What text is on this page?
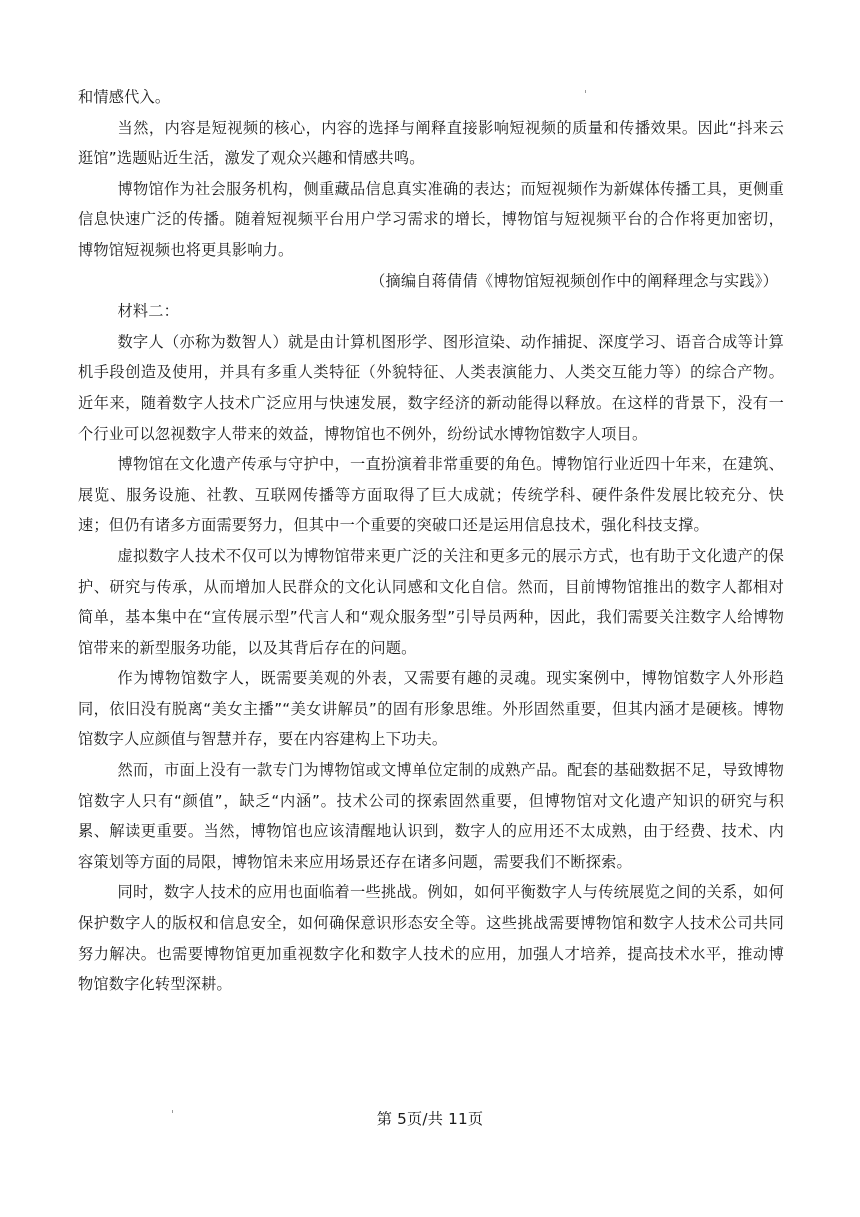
和情感代入。

当然，内容是短视频的核心，内容的选择与阐释直接影响短视频的质量和传播效果。因此“抖来云逛馆”选题贴近生活，激发了观众兴趣和情感共鸣。

博物馆作为社会服务机构，侧重藏品信息真实准确的表达；而短视频作为新媒体传播工具，更侧重信息快速广泛的传播。随着短视频平台用户学习需求的增长，博物馆与短视频平台的合作将更加密切，博物馆短视频也将更具影响力。

（摘编自蒋倩倩《博物馆短视频创作中的阐释理念与实践》）

材料二：

数字人（亦称为数智人）就是由计算机图形学、图形渲染、动作捕捉、深度学习、语音合成等计算机手段创造及使用，并具有多重人类特征（外貌特征、人类表演能力、人类交互能力等）的综合产物。近年来，随着数字人技术广泛应用与快速发展，数字经济的新动能得以释放。在这样的背景下，没有一个行业可以忽视数字人带来的效益，博物馆也不例外，纷纷试水博物馆数字人项目。

博物馆在文化遗产传承与守护中，一直扮演着非常重要的角色。博物馆行业近四十年来，在建筑、展览、服务设施、社教、互联网传播等方面取得了巨大成就；传统学科、硬件条件发展比较充分、快速；但仍有诸多方面需要努力，但其中一个重要的突破口还是运用信息技术，强化科技支撑。

虚拟数字人技术不仅可以为博物馆带来更广泛的关注和更多元的展示方式，也有助于文化遗产的保护、研究与传承，从而增加人民群众的文化认同感和文化自信。然而，目前博物馆推出的数字人都相对简单，基本集中在“宣传展示型”代言人和“观众服务型”引导员两种，因此，我们需要关注数字人给博物馆带来的新型服务功能，以及其背后存在的问题。

作为博物馆数字人，既需要美观的外表，又需要有趣的灵魂。现实案例中，博物馆数字人外形趋同，依旧没有脱离“美女主播”“美女讲解员”的固有形象思维。外形固然重要，但其内涵才是硬核。博物馆数字人应颜值与智慧并存，要在内容建构上下功夫。

然而，市面上没有一款专门为博物馆或文博单位定制的成熟产品。配套的基础数据不足，导致博物馆数字人只有“颜值”，缺乏“内涵”。技术公司的探索固然重要，但博物馆对文化遗产知识的研究与积累、解读更重要。当然，博物馆也应该清醒地认识到，数字人的应用还不太成熟，由于经费、技术、内容策划等方面的局限，博物馆未来应用场景还存在诸多问题，需要我们不断探索。

同时，数字人技术的应用也面临着一些挑战。例如，如何平衡数字人与传统展览之间的关系，如何保护数字人的版权和信息安全，如何确保意识形态安全等。这些挑战需要博物馆和数字人技术公司共同努力解决。也需要博物馆更加重视数字化和数字人技术的应用，加强人才培养，提高技术水平，推动博物馆数字化转型深耕。

第 5页/共 11页
